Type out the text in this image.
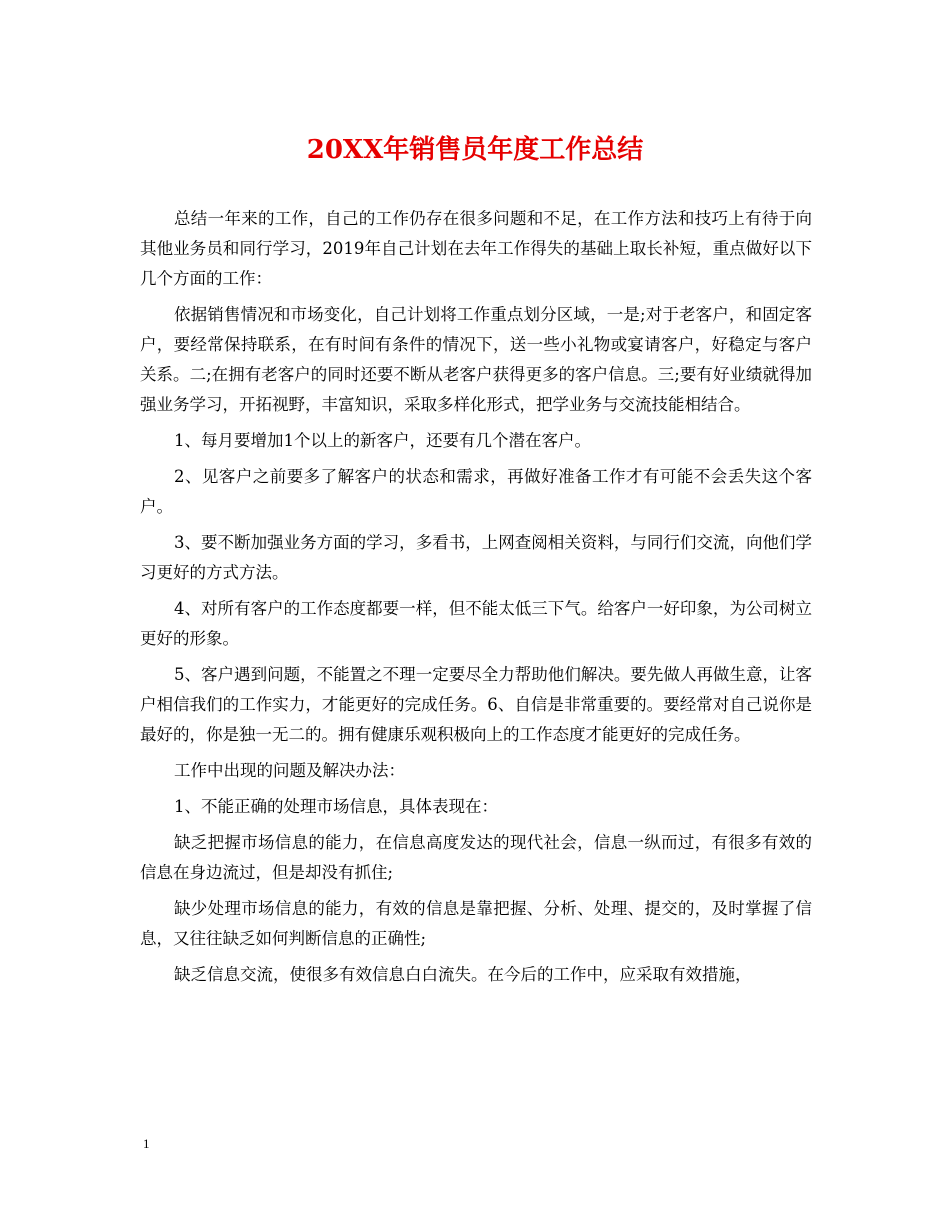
20XX年销售员年度工作总结

总结一年来的工作，自己的工作仍存在很多问题和不足，在工作方法和技巧上有待于向其他业务员和同行学习，2019年自己计划在去年工作得失的基础上取长补短，重点做好以下几个方面的工作：

依据销售情况和市场变化，自己计划将工作重点划分区域，一是;对于老客户，和固定客户，要经常保持联系，在有时间有条件的情况下，送一些小礼物或宴请客户，好稳定与客户关系。二;在拥有老客户的同时还要不断从老客户获得更多的客户信息。三;要有好业绩就得加强业务学习，开拓视野，丰富知识，采取多样化形式，把学业务与交流技能相结合。

1、每月要增加1个以上的新客户，还要有几个潜在客户。

2、见客户之前要多了解客户的状态和需求，再做好准备工作才有可能不会丢失这个客户。

3、要不断加强业务方面的学习，多看书，上网查阅相关资料，与同行们交流，向他们学习更好的方式方法。

4、对所有客户的工作态度都要一样，但不能太低三下气。给客户一好印象，为公司树立更好的形象。

5、客户遇到问题，不能置之不理一定要尽全力帮助他们解决。要先做人再做生意，让客户相信我们的工作实力，才能更好的完成任务。6、自信是非常重要的。要经常对自己说你是最好的，你是独一无二的。拥有健康乐观积极向上的工作态度才能更好的完成任务。

工作中出现的问题及解决办法：

1、不能正确的处理市场信息，具体表现在：

缺乏把握市场信息的能力，在信息高度发达的现代社会，信息一纵而过，有很多有效的信息在身边流过，但是却没有抓住;

缺少处理市场信息的能力，有效的信息是靠把握、分析、处理、提交的，及时掌握了信息，又往往缺乏如何判断信息的正确性;

缺乏信息交流，使很多有效信息白白流失。在今后的工作中，应采取有效措施，

1
